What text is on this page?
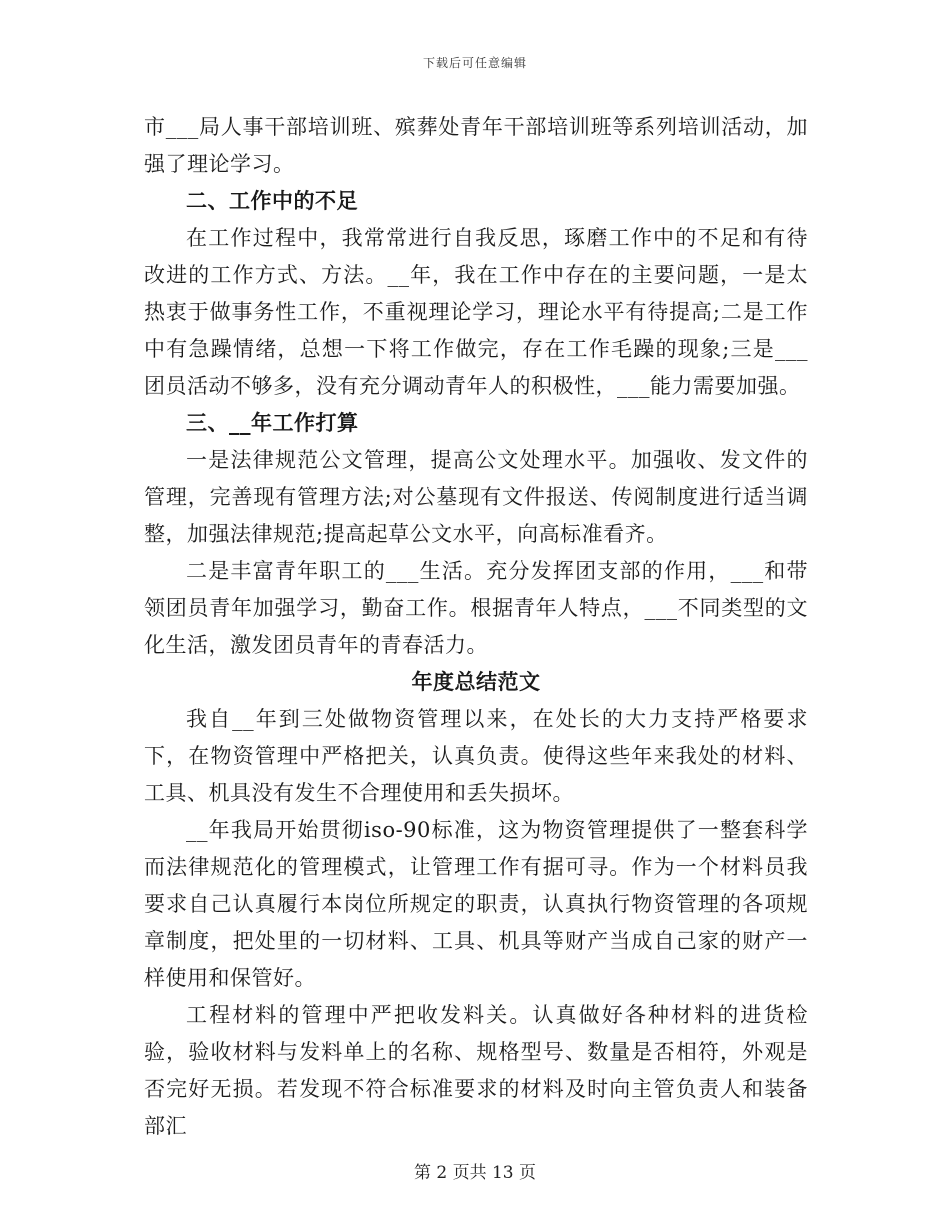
下载后可任意编辑

市___局人事干部培训班、殡葬处青年干部培训班等系列培训活动，加强了理论学习。

二、工作中的不足

在工作过程中，我常常进行自我反思，琢磨工作中的不足和有待改进的工作方式、方法。__年，我在工作中存在的主要问题，一是太热衷于做事务性工作，不重视理论学习，理论水平有待提高;二是工作中有急躁情绪，总想一下将工作做完，存在工作毛躁的现象;三是___团员活动不够多，没有充分调动青年人的积极性，___能力需要加强。

三、__年工作打算

一是法律规范公文管理，提高公文处理水平。加强收、发文件的管理，完善现有管理方法;对公墓现有文件报送、传阅制度进行适当调整，加强法律规范;提高起草公文水平，向高标准看齐。

二是丰富青年职工的___生活。充分发挥团支部的作用，___和带领团员青年加强学习，勤奋工作。根据青年人特点，___不同类型的文化生活，激发团员青年的青春活力。

年度总结范文

我自__年到三处做物资管理以来，在处长的大力支持严格要求下，在物资管理中严格把关，认真负责。使得这些年来我处的材料、工具、机具没有发生不合理使用和丢失损坏。

__年我局开始贯彻iso-90标准，这为物资管理提供了一整套科学而法律规范化的管理模式，让管理工作有据可寻。作为一个材料员我要求自己认真履行本岗位所规定的职责，认真执行物资管理的各项规章制度，把处里的一切材料、工具、机具等财产当成自己家的财产一样使用和保管好。

工程材料的管理中严把收发料关。认真做好各种材料的进货检验，验收材料与发料单上的名称、规格型号、数量是否相符，外观是否完好无损。若发现不符合标准要求的材料及时向主管负责人和装备部汇

第 2 页共 13 页
